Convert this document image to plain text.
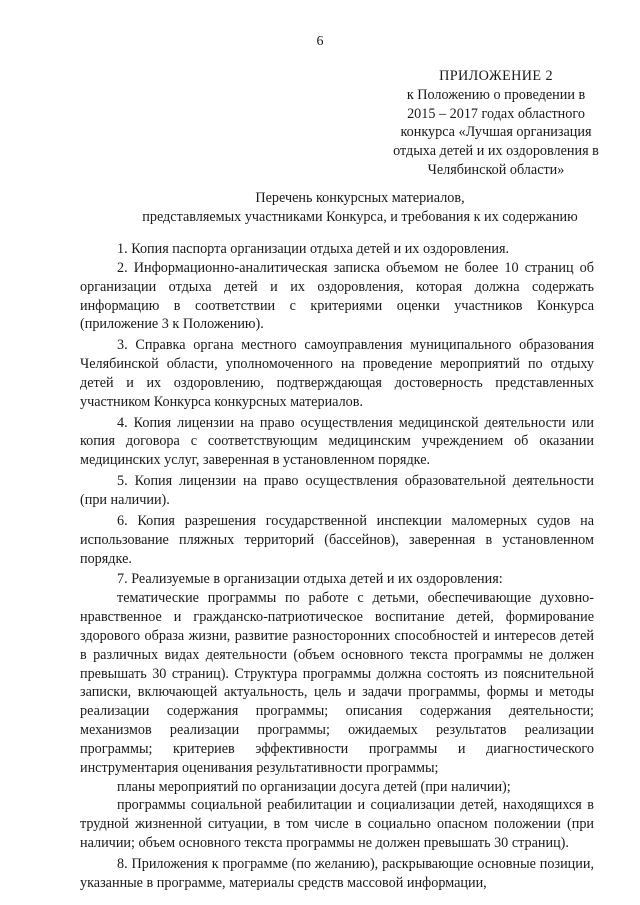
6
ПРИЛОЖЕНИЕ 2
к Положению о проведении в
2015 – 2017 годах областного
конкурса «Лучшая организация
отдыха детей и их оздоровления в
Челябинской области»
Перечень конкурсных материалов,
представляемых участниками Конкурса, и требования к их содержанию

1. Копия паспорта организации отдыха детей и их оздоровления.

2. Информационно-аналитическая записка объемом не более 10 страниц об организации отдыха детей и их оздоровления, которая должна содержать информацию в соответствии с критериями оценки участников Конкурса (приложение 3 к Положению).

3. Справка органа местного самоуправления муниципального образования Челябинской области, уполномоченного на проведение мероприятий по отдыху детей и их оздоровлению, подтверждающая достоверность представленных участником Конкурса конкурсных материалов.

4. Копия лицензии на право осуществления медицинской деятельности или копия договора с соответствующим медицинским учреждением об оказании медицинских услуг, заверенная в установленном порядке.

5. Копия лицензии на право осуществления образовательной деятельности (при наличии).

6. Копия разрешения государственной инспекции маломерных судов на использование пляжных территорий (бассейнов), заверенная в установленном порядке.

7. Реализуемые в организации отдыха детей и их оздоровления:

тематические программы по работе с детьми, обеспечивающие духовно-нравственное и гражданско-патриотическое воспитание детей, формирование здорового образа жизни, развитие разносторонних способностей и интересов детей в различных видах деятельности (объем основного текста программы не должен превышать 30 страниц). Структура программы должна состоять из пояснительной записки, включающей актуальность, цель и задачи программы, формы и методы реализации содержания программы; описания содержания деятельности; механизмов реализации программы; ожидаемых результатов реализации программы; критериев эффективности программы и диагностического инструментария оценивания результативности программы;

планы мероприятий по организации досуга детей (при наличии);

программы социальной реабилитации и социализации детей, находящихся в трудной жизненной ситуации, в том числе в социально опасном положении (при наличии; объем основного текста программы не должен превышать 30 страниц).

8. Приложения к программе (по желанию), раскрывающие основные позиции, указанные в программе, материалы средств массовой информации,
